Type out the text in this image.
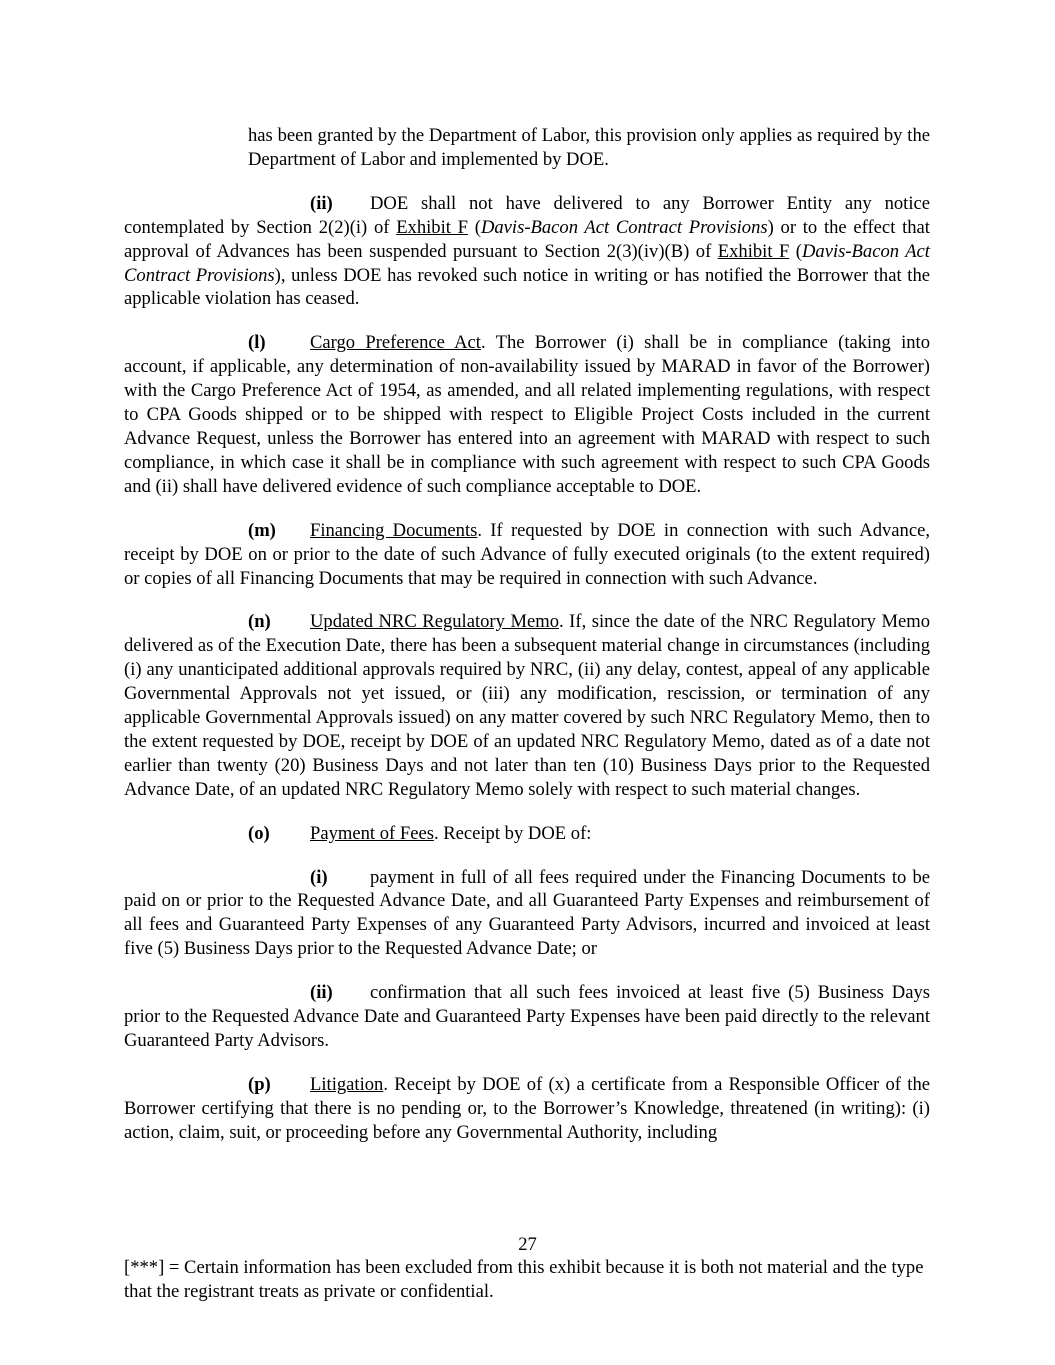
has been granted by the Department of Labor, this provision only applies as required by the Department of Labor and implemented by DOE.

(ii) DOE shall not have delivered to any Borrower Entity any notice contemplated by Section 2(2)(i) of Exhibit F (Davis-Bacon Act Contract Provisions) or to the effect that approval of Advances has been suspended pursuant to Section 2(3)(iv)(B) of Exhibit F (Davis-Bacon Act Contract Provisions), unless DOE has revoked such notice in writing or has notified the Borrower that the applicable violation has ceased.

(l) Cargo Preference Act. The Borrower (i) shall be in compliance (taking into account, if applicable, any determination of non-availability issued by MARAD in favor of the Borrower) with the Cargo Preference Act of 1954, as amended, and all related implementing regulations, with respect to CPA Goods shipped or to be shipped with respect to Eligible Project Costs included in the current Advance Request, unless the Borrower has entered into an agreement with MARAD with respect to such compliance, in which case it shall be in compliance with such agreement with respect to such CPA Goods and (ii) shall have delivered evidence of such compliance acceptable to DOE.

(m) Financing Documents. If requested by DOE in connection with such Advance, receipt by DOE on or prior to the date of such Advance of fully executed originals (to the extent required) or copies of all Financing Documents that may be required in connection with such Advance.

(n) Updated NRC Regulatory Memo. If, since the date of the NRC Regulatory Memo delivered as of the Execution Date, there has been a subsequent material change in circumstances (including (i) any unanticipated additional approvals required by NRC, (ii) any delay, contest, appeal of any applicable Governmental Approvals not yet issued, or (iii) any modification, rescission, or termination of any applicable Governmental Approvals issued) on any matter covered by such NRC Regulatory Memo, then to the extent requested by DOE, receipt by DOE of an updated NRC Regulatory Memo, dated as of a date not earlier than twenty (20) Business Days and not later than ten (10) Business Days prior to the Requested Advance Date, of an updated NRC Regulatory Memo solely with respect to such material changes.

(o) Payment of Fees. Receipt by DOE of:

(i) payment in full of all fees required under the Financing Documents to be paid on or prior to the Requested Advance Date, and all Guaranteed Party Expenses and reimbursement of all fees and Guaranteed Party Expenses of any Guaranteed Party Advisors, incurred and invoiced at least five (5) Business Days prior to the Requested Advance Date; or

(ii) confirmation that all such fees invoiced at least five (5) Business Days prior to the Requested Advance Date and Guaranteed Party Expenses have been paid directly to the relevant Guaranteed Party Advisors.

(p) Litigation. Receipt by DOE of (x) a certificate from a Responsible Officer of the Borrower certifying that there is no pending or, to the Borrower’s Knowledge, threatened (in writing): (i) action, claim, suit, or proceeding before any Governmental Authority, including

27

[***] = Certain information has been excluded from this exhibit because it is both not material and the type that the registrant treats as private or confidential.
